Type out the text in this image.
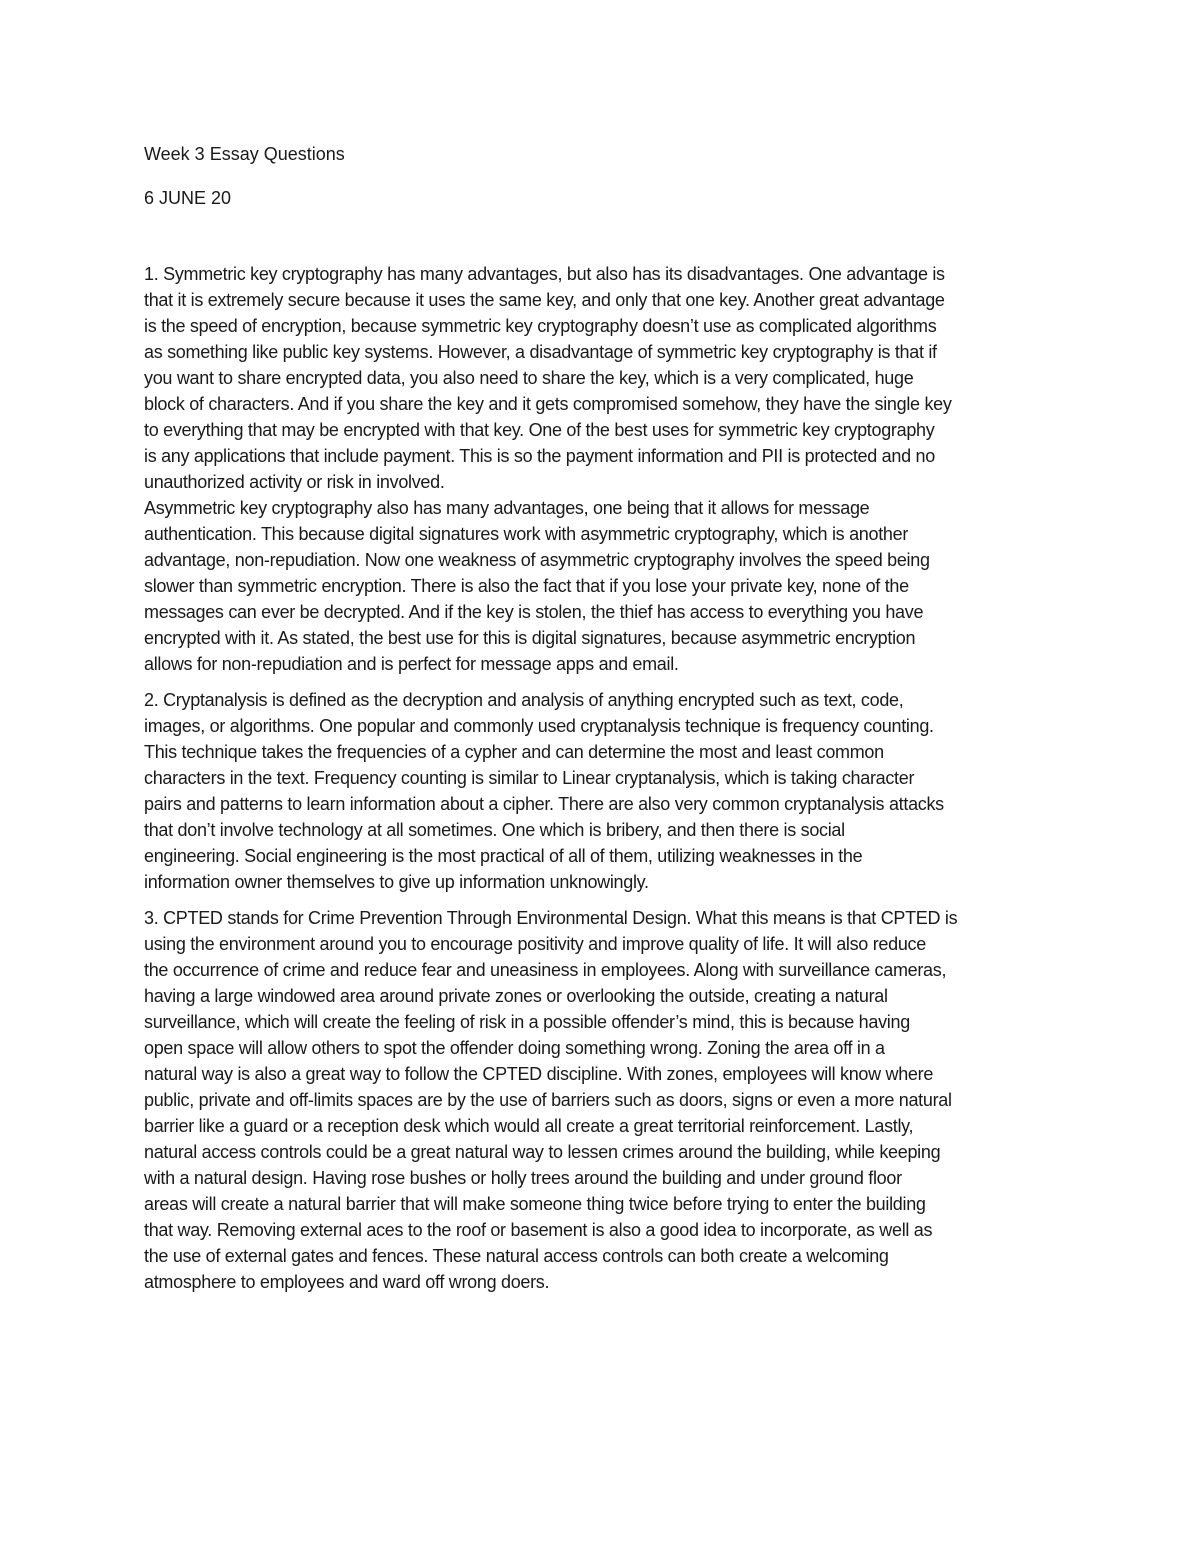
Week 3 Essay Questions

6 JUNE 20

1. Symmetric key cryptography has many advantages, but also has its disadvantages. One advantage is
that it is extremely secure because it uses the same key, and only that one key. Another great advantage
is the speed of encryption, because symmetric key cryptography doesn’t use as complicated algorithms
as something like public key systems. However, a disadvantage of symmetric key cryptography is that if
you want to share encrypted data, you also need to share the key, which is a very complicated, huge
block of characters. And if you share the key and it gets compromised somehow, they have the single key
to everything that may be encrypted with that key. One of the best uses for symmetric key cryptography
is any applications that include payment. This is so the payment information and PII is protected and no
unauthorized activity or risk in involved.
Asymmetric key cryptography also has many advantages, one being that it allows for message
authentication. This because digital signatures work with asymmetric cryptography, which is another
advantage, non-repudiation. Now one weakness of asymmetric cryptography involves the speed being
slower than symmetric encryption. There is also the fact that if you lose your private key, none of the
messages can ever be decrypted. And if the key is stolen, the thief has access to everything you have
encrypted with it. As stated, the best use for this is digital signatures, because asymmetric encryption
allows for non-repudiation and is perfect for message apps and email.
2. Cryptanalysis is defined as the decryption and analysis of anything encrypted such as text, code,
images, or algorithms. One popular and commonly used cryptanalysis technique is frequency counting.
This technique takes the frequencies of a cypher and can determine the most and least common
characters in the text. Frequency counting is similar to Linear cryptanalysis, which is taking character
pairs and patterns to learn information about a cipher. There are also very common cryptanalysis attacks
that don’t involve technology at all sometimes. One which is bribery, and then there is social
engineering. Social engineering is the most practical of all of them, utilizing weaknesses in the
information owner themselves to give up information unknowingly.
3. CPTED stands for Crime Prevention Through Environmental Design. What this means is that CPTED is
using the environment around you to encourage positivity and improve quality of life. It will also reduce
the occurrence of crime and reduce fear and uneasiness in employees. Along with surveillance cameras,
having a large windowed area around private zones or overlooking the outside, creating a natural
surveillance, which will create the feeling of risk in a possible offender’s mind, this is because having
open space will allow others to spot the offender doing something wrong. Zoning the area off in a
natural way is also a great way to follow the CPTED discipline. With zones, employees will know where
public, private and off-limits spaces are by the use of barriers such as doors, signs or even a more natural
barrier like a guard or a reception desk which would all create a great territorial reinforcement. Lastly,
natural access controls could be a great natural way to lessen crimes around the building, while keeping
with a natural design. Having rose bushes or holly trees around the building and under ground floor
areas will create a natural barrier that will make someone thing twice before trying to enter the building
that way. Removing external aces to the roof or basement is also a good idea to incorporate, as well as
the use of external gates and fences. These natural access controls can both create a welcoming
atmosphere to employees and ward off wrong doers.
